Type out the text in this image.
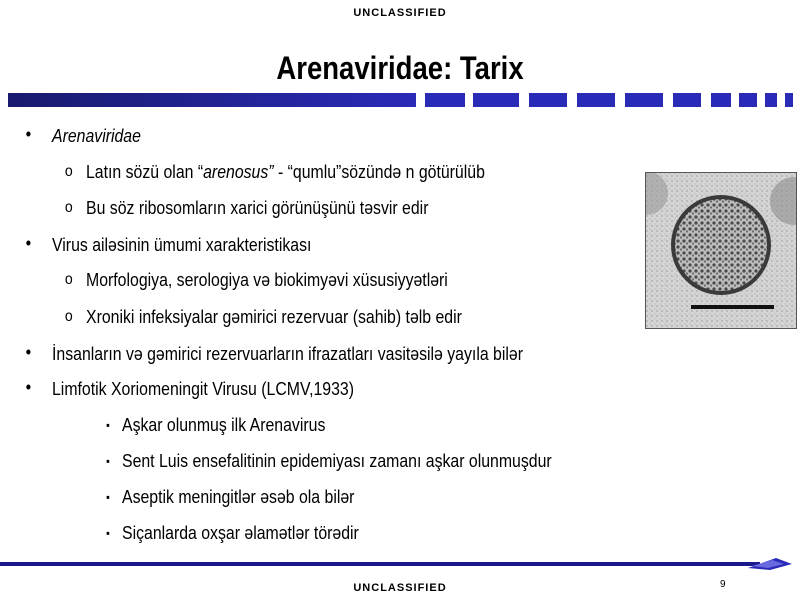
UNCLASSIFIED
Arenaviridae: Tarix
• Arenaviridae
o Latın sözü olan “arenosus” - “qumlu”sözündə n götürülüb
o Bu söz ribosomların xarici görünüşünü təsvir edir
• Virus ailəsinin ümumi xarakteristikası
o Morfologiya, serologiya və biokimyəvi xüsusiyyətləri
o Xroniki infeksiyalar gəmirici rezervuar (sahib) təlb edir
• İnsanların və gəmirici rezervuarların ifrazatları vasitəsilə yayıla bilər
• Limfotik Xoriomeningit Virusu (LCMV,1933)
▪ Aşkar olunmuş ilk Arenavirus
▪ Sent Luis ensefalitinin epidemiyası zamanı aşkar olunmuşdur
▪ Aseptik meningitlər əsəb ola bilər
▪ Siçanlarda oxşar əlamətlər törədir
9
UNCLASSIFIED
